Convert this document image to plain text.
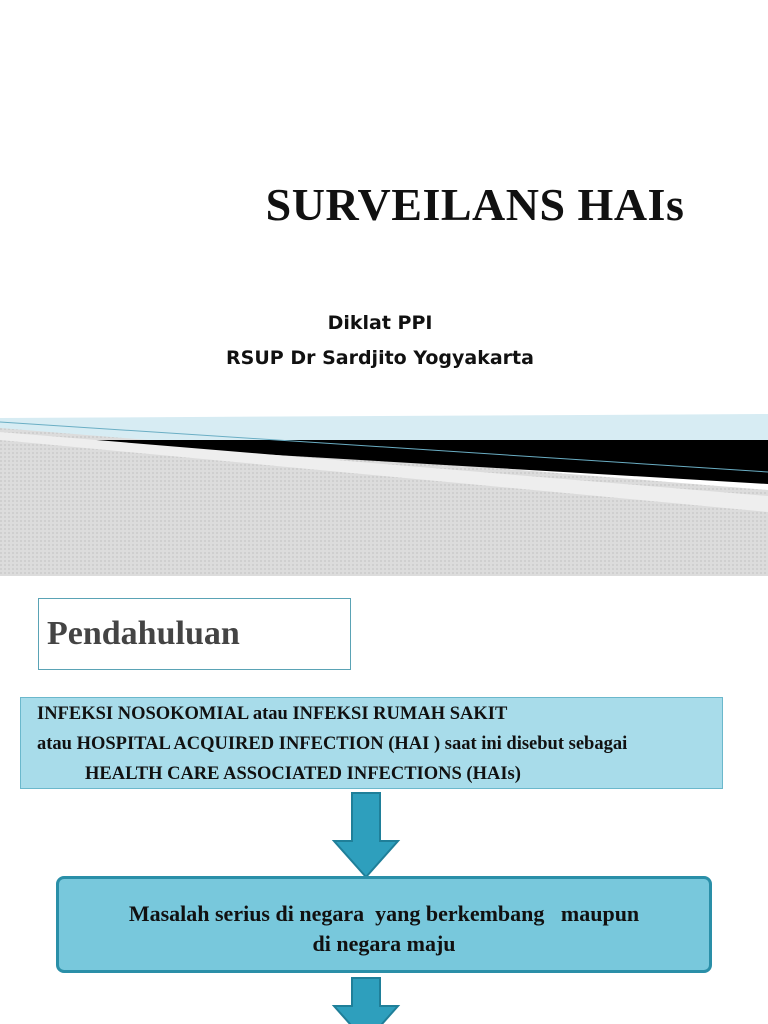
SURVEILANS HAIs
Diklat PPI
RSUP Dr Sardjito Yogyakarta
Pendahuluan
INFEKSI NOSOKOMIAL atau INFEKSI RUMAH SAKIT
atau HOSPITAL ACQUIRED INFECTION (HAI ) saat ini disebut sebagai
HEALTH CARE ASSOCIATED INFECTIONS (HAIs)
Masalah serius di negara  yang berkembang   maupun
di negara maju
